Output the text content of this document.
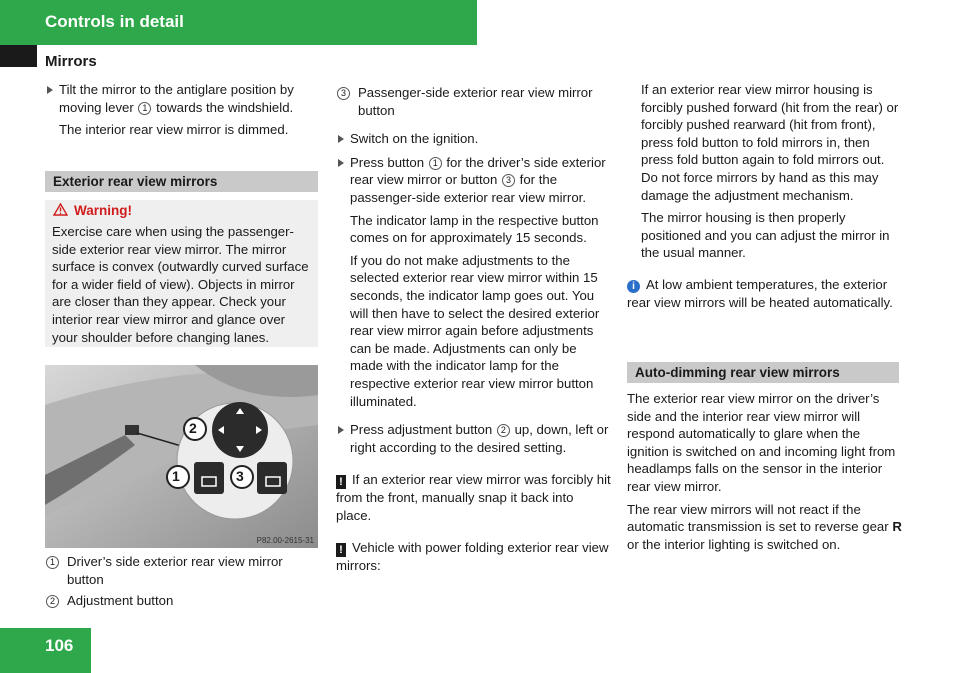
Controls in detail
Mirrors

Tilt the mirror to the antiglare position by moving lever 1 towards the windshield.

The interior rear view mirror is dimmed.

Exterior rear view mirrors
Warning!
Exercise care when using the passenger-side exterior rear view mirror. The mirror surface is convex (outwardly curved surface for a wider field of view). Objects in mirror are closer than they appear. Check your interior rear view mirror and glance over your shoulder before changing lanes.
2
1	3
P82.00-2615-31
1 Driver’s side exterior rear view mirror button
2 Adjustment button

3 Passenger-side exterior rear view mirror button

Switch on the ignition.

Press button 1 for the driver’s side exterior rear view mirror or button 3 for the passenger-side exterior rear view mirror.

The indicator lamp in the respective button comes on for approximately 15 seconds.

If you do not make adjustments to the selected exterior rear view mirror within 15 seconds, the indicator lamp goes out. You will then have to select the desired exterior rear view mirror again before adjustments can be made. Adjustments can only be made with the indicator lamp for the respective exterior rear view mirror button illuminated.

Press adjustment button 2 up, down, left or right according to the desired setting.

! If an exterior rear view mirror was forcibly hit from the front, manually snap it back into place.

! Vehicle with power folding exterior rear view mirrors:

If an exterior rear view mirror housing is forcibly pushed forward (hit from the rear) or forcibly pushed rearward (hit from front), press fold button to fold mirrors in, then press fold button again to fold mirrors out. Do not force mirrors by hand as this may damage the adjustment mechanism.

The mirror housing is then properly positioned and you can adjust the mirror in the usual manner.

i At low ambient temperatures, the exterior rear view mirrors will be heated automatically.

Auto-dimming rear view mirrors

The exterior rear view mirror on the driver’s side and the interior rear view mirror will respond automatically to glare when the ignition is switched on and incoming light from headlamps falls on the sensor in the interior rear view mirror.

The rear view mirrors will not react if the automatic transmission is set to reverse gear R or the interior lighting is switched on.

106
